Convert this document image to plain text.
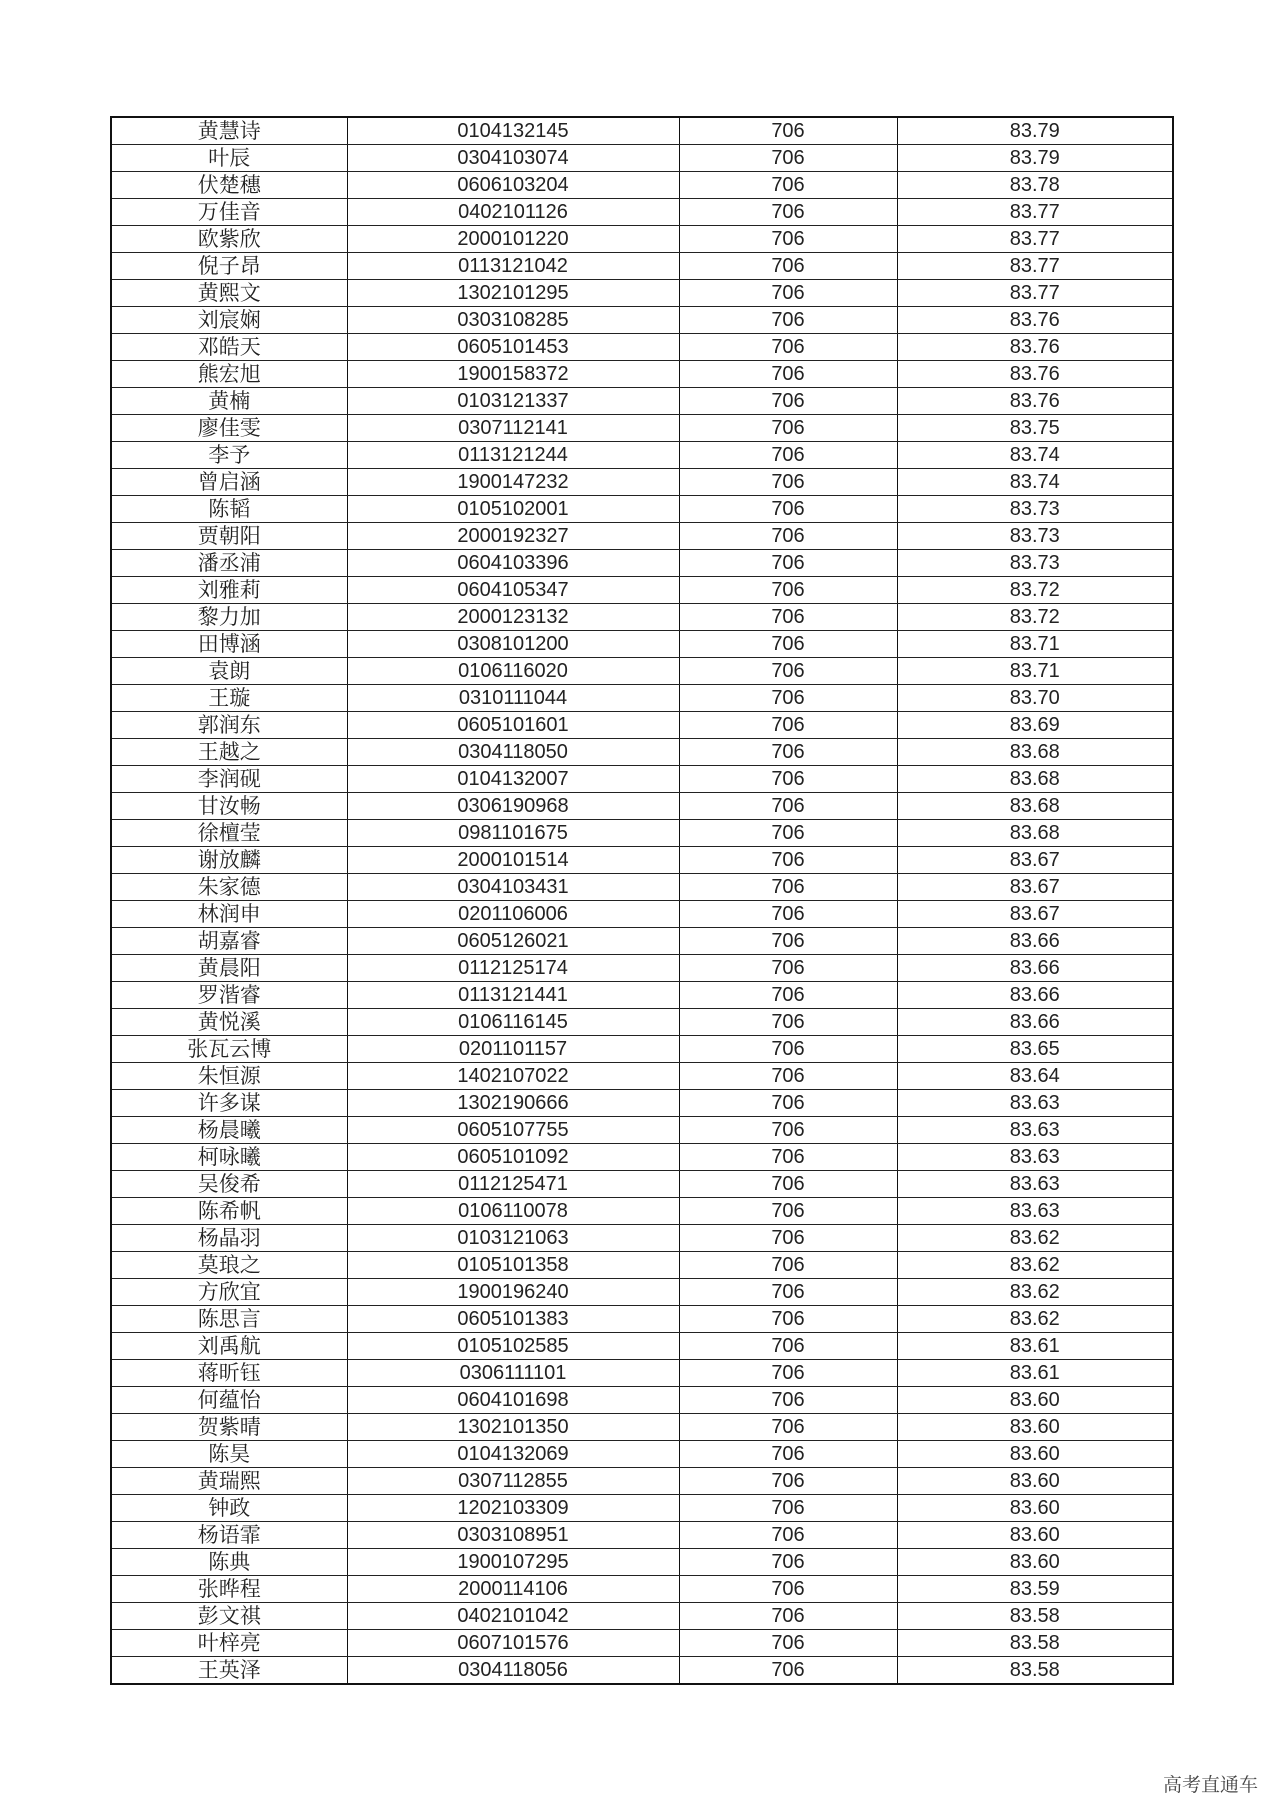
黄慧诗	0104132145	706	83.79
叶辰	0304103074	706	83.79
伏楚穗	0606103204	706	83.78
万佳音	0402101126	706	83.77
欧紫欣	2000101220	706	83.77
倪子昂	0113121042	706	83.77
黄熙文	1302101295	706	83.77
刘宸娴	0303108285	706	83.76
邓皓天	0605101453	706	83.76
熊宏旭	1900158372	706	83.76
黄楠	0103121337	706	83.76
廖佳雯	0307112141	706	83.75
李予	0113121244	706	83.74
曾启涵	1900147232	706	83.74
陈韬	0105102001	706	83.73
贾朝阳	2000192327	706	83.73
潘丞浦	0604103396	706	83.73
刘雅莉	0604105347	706	83.72
黎力加	2000123132	706	83.72
田博涵	0308101200	706	83.71
袁朗	0106116020	706	83.71
王璇	0310111044	706	83.70
郭润东	0605101601	706	83.69
王越之	0304118050	706	83.68
李润砚	0104132007	706	83.68
甘汝畅	0306190968	706	83.68
徐檀莹	0981101675	706	83.68
谢放麟	2000101514	706	83.67
朱家德	0304103431	706	83.67
林润申	0201106006	706	83.67
胡嘉睿	0605126021	706	83.66
黄晨阳	0112125174	706	83.66
罗湝睿	0113121441	706	83.66
黄悦溪	0106116145	706	83.66
张瓦云博	0201101157	706	83.65
朱恒源	1402107022	706	83.64
许多谋	1302190666	706	83.63
杨晨曦	0605107755	706	83.63
柯咏曦	0605101092	706	83.63
吴俊希	0112125471	706	83.63
陈希帆	0106110078	706	83.63
杨晶羽	0103121063	706	83.62
莫琅之	0105101358	706	83.62
方欣宜	1900196240	706	83.62
陈思言	0605101383	706	83.62
刘禹航	0105102585	706	83.61
蒋昕钰	0306111101	706	83.61
何蕴怡	0604101698	706	83.60
贺紫晴	1302101350	706	83.60
陈昊	0104132069	706	83.60
黄瑞熙	0307112855	706	83.60
钟政	1202103309	706	83.60
杨语霏	0303108951	706	83.60
陈典	1900107295	706	83.60
张晔程	2000114106	706	83.59
彭文祺	0402101042	706	83.58
叶梓亮	0607101576	706	83.58
王英泽	0304118056	706	83.58
高考直通车
